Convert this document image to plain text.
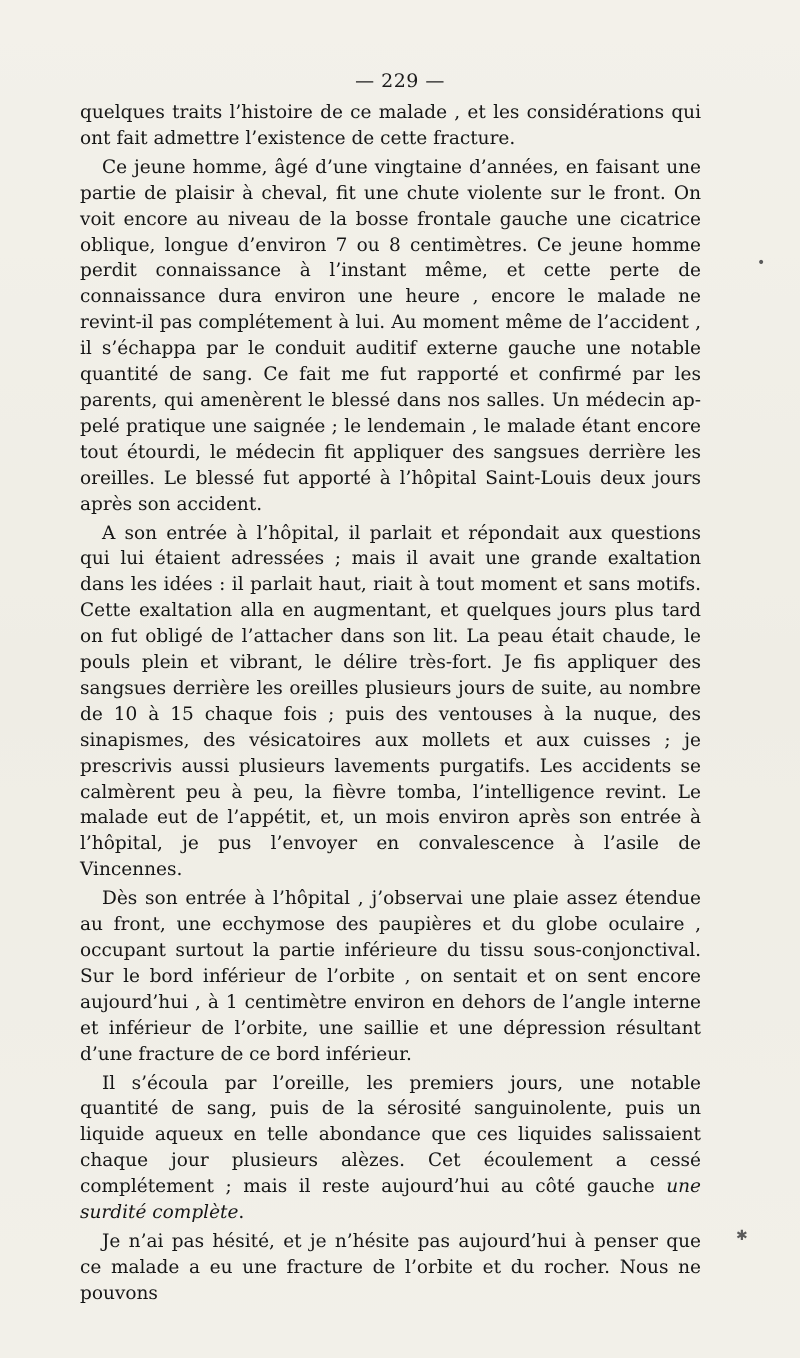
— 229 —

quelques traits l’histoire de ce malade , et les considérations qui ont fait admettre l’existence de cette fracture.

Ce jeune homme, âgé d’une vingtaine d’années, en faisant une partie de plaisir à cheval, fit une chute violente sur le front. On voit encore au niveau de la bosse frontale gauche une cicatrice oblique, longue d’environ 7 ou 8 centimètres. Ce jeune homme perdit connaissance à l’instant même, et cette perte de connaissance dura environ une heure , encore le malade ne revint-il pas complétement à lui. Au moment même de l’accident , il s’échappa par le conduit auditif externe gauche une notable quantité de sang. Ce fait me fut rapporté et confirmé par les parents, qui amenèrent le blessé dans nos salles. Un médecin appelé pratique une saignée ; le lendemain , le malade étant encore tout étourdi, le médecin fit appliquer des sangsues derrière les oreilles. Le blessé fut apporté à l’hôpital Saint-Louis deux jours après son accident.

A son entrée à l’hôpital, il parlait et répondait aux questions qui lui étaient adressées ; mais il avait une grande exaltation dans les idées : il parlait haut, riait à tout moment et sans motifs. Cette exaltation alla en augmentant, et quelques jours plus tard on fut obligé de l’attacher dans son lit. La peau était chaude, le pouls plein et vibrant, le délire très-fort. Je fis appliquer des sangsues derrière les oreilles plusieurs jours de suite, au nombre de 10 à 15 chaque fois ; puis des ventouses à la nuque, des sinapismes, des vésicatoires aux mollets et aux cuisses ; je prescrivis aussi plusieurs lavements purgatifs. Les accidents se calmèrent peu à peu, la fièvre tomba, l’intelligence revint. Le malade eut de l’appétit, et, un mois environ après son entrée à l’hôpital, je pus l’envoyer en convalescence à l’asile de Vincennes.

Dès son entrée à l’hôpital , j’observai une plaie assez étendue au front, une ecchymose des paupières et du globe oculaire , occupant surtout la partie inférieure du tissu sous-conjonctival. Sur le bord inférieur de l’orbite , on sentait et on sent encore aujourd’hui , à 1 centimètre environ en dehors de l’angle interne et inférieur de l’orbite, une saillie et une dépression résultant d’une fracture de ce bord inférieur.

Il s’écoula par l’oreille, les premiers jours, une notable quantité de sang, puis de la sérosité sanguinolente, puis un liquide aqueux en telle abondance que ces liquides salissaient chaque jour plusieurs alèzes. Cet écoulement a cessé complétement ; mais il reste aujourd’hui au côté gauche une surdité complète.

Je n’ai pas hésité, et je n’hésite pas aujourd’hui à penser que ce malade a eu une fracture de l’orbite et du rocher. Nous ne pouvons

•
✱
